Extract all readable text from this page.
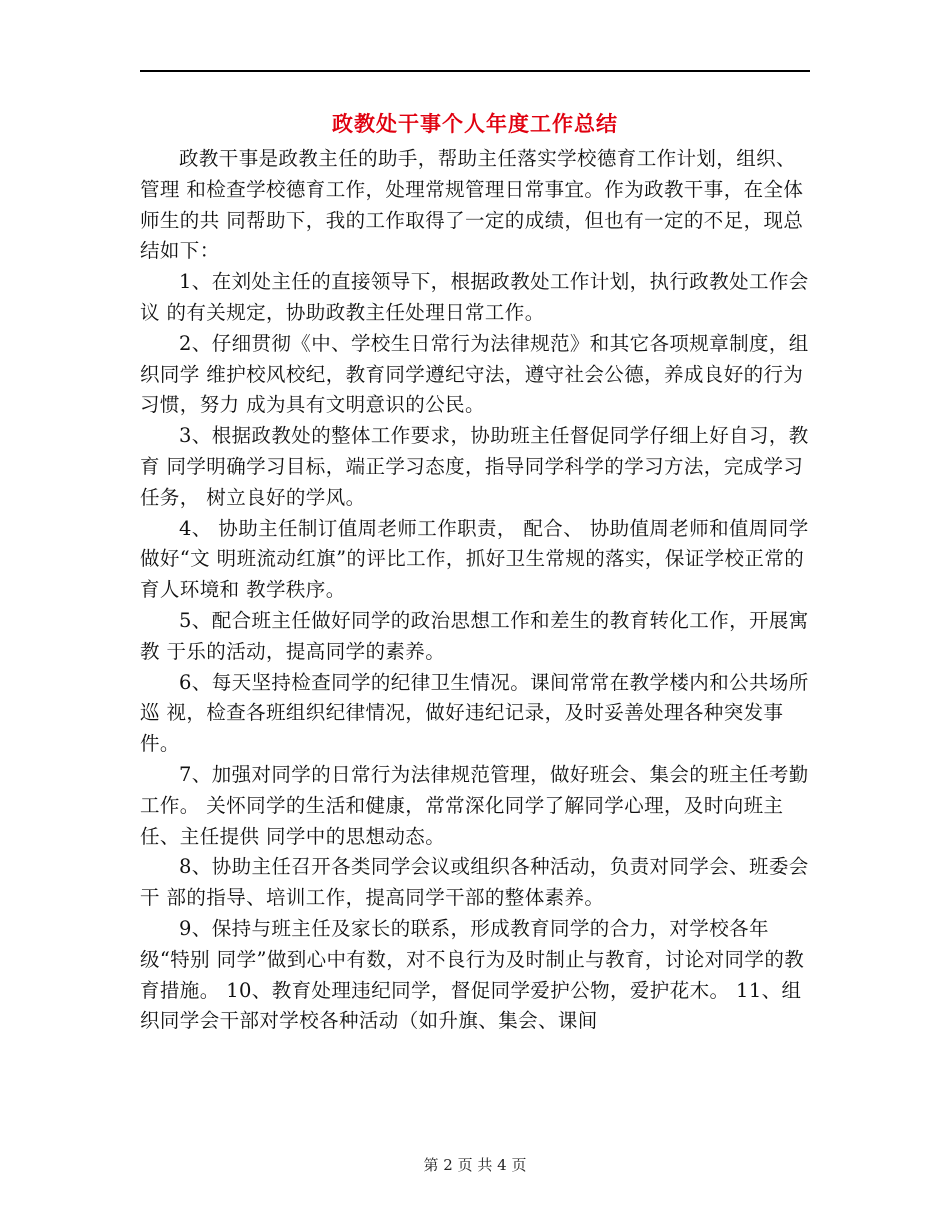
政教处干事个人年度工作总结

政教干事是政教主任的助手，帮助主任落实学校德育工作计划，组织、管理 和检查学校德育工作，处理常规管理日常事宜。作为政教干事，在全体师生的共 同帮助下，我的工作取得了一定的成绩，但也有一定的不足，现总结如下：

1、在刘处主任的直接领导下，根据政教处工作计划，执行政教处工作会议 的有关规定，协助政教主任处理日常工作。

2、仔细贯彻《中、学校生日常行为法律规范》和其它各项规章制度，组织同学 维护校风校纪，教育同学遵纪守法，遵守社会公德，养成良好的行为习惯，努力 成为具有文明意识的公民。

3、根据政教处的整体工作要求，协助班主任督促同学仔细上好自习，教育 同学明确学习目标，端正学习态度，指导同学科学的学习方法，完成学习任务， 树立良好的学风。

4、 协助主任制订值周老师工作职责， 配合、 协助值周老师和值周同学做好“文 明班流动红旗”的评比工作，抓好卫生常规的落实，保证学校正常的育人环境和 教学秩序。

5、配合班主任做好同学的政治思想工作和差生的教育转化工作，开展寓教 于乐的活动，提高同学的素养。

6、每天坚持检查同学的纪律卫生情况。课间常常在教学楼内和公共场所巡 视，检查各班组织纪律情况，做好违纪记录，及时妥善处理各种突发事件。

7、加强对同学的日常行为法律规范管理，做好班会、集会的班主任考勤工作。 关怀同学的生活和健康，常常深化同学了解同学心理，及时向班主任、主任提供 同学中的思想动态。

8、协助主任召开各类同学会议或组织各种活动，负责对同学会、班委会干 部的指导、培训工作，提高同学干部的整体素养。

9、保持与班主任及家长的联系，形成教育同学的合力，对学校各年级“特别 同学”做到心中有数，对不良行为及时制止与教育，讨论对同学的教育措施。 10、教育处理违纪同学，督促同学爱护公物，爱护花木。 11、组织同学会干部对学校各种活动（如升旗、集会、课间

第 2 页 共 4 页
